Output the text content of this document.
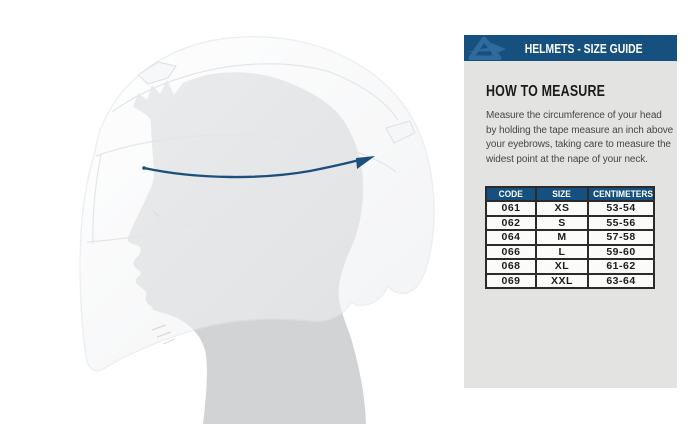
HELMETS - SIZE GUIDE
HOW TO MEASURE
Measure the circumference of your head
by holding the tape measure an inch above
your eyebrows, taking care to measure the
widest point at the nape of your neck.
CODE	SIZE	CENTIMETERS
061	XS	53-54
062	S	55-56
064	M	57-58
066	L	59-60
068	XL	61-62
069	XXL	63-64
